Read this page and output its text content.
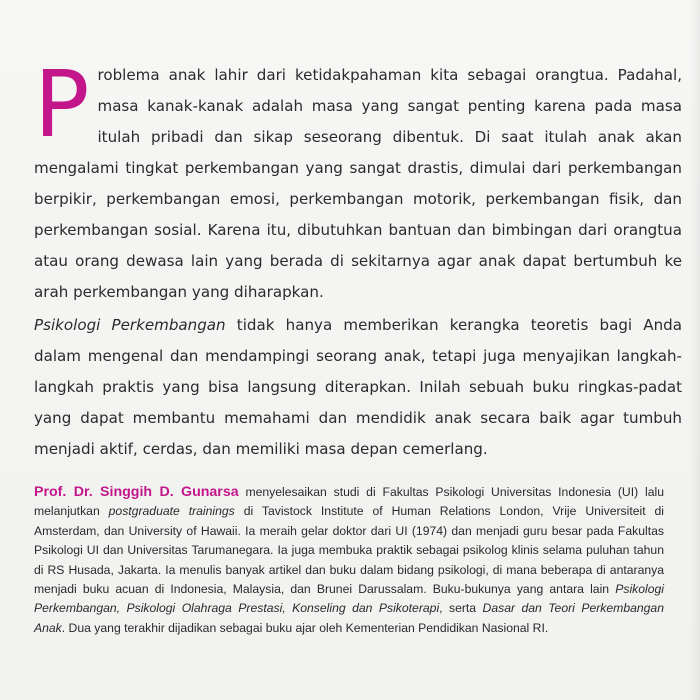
Problema anak lahir dari ketidakpahaman kita sebagai orangtua. Padahal, masa kanak-kanak adalah masa yang sangat penting karena pada masa itulah pribadi dan sikap seseorang dibentuk. Di saat itulah anak akan mengalami tingkat perkembangan yang sangat drastis, dimulai dari perkembangan berpikir, perkembangan emosi, perkembangan motorik, perkembangan fisik, dan perkembangan sosial. Karena itu, dibutuhkan bantuan dan bimbingan dari orangtua atau orang dewasa lain yang berada di sekitarnya agar anak dapat bertumbuh ke arah perkembangan yang diharapkan.

Psikologi Perkembangan tidak hanya memberikan kerangka teoretis bagi Anda dalam mengenal dan mendampingi seorang anak, tetapi juga menyajikan langkah-langkah praktis yang bisa langsung diterapkan. Inilah sebuah buku ringkas-padat yang dapat membantu memahami dan mendidik anak secara baik agar tumbuh menjadi aktif, cerdas, dan memiliki masa depan cemerlang.

Prof. Dr. Singgih D. Gunarsa menyelesaikan studi di Fakultas Psikologi Universitas Indonesia (UI) lalu melanjutkan postgraduate trainings di Tavistock Institute of Human Relations London, Vrije Universiteit di Amsterdam, dan University of Hawaii. Ia meraih gelar doktor dari UI (1974) dan menjadi guru besar pada Fakultas Psikologi UI dan Universitas Tarumanegara. Ia juga membuka praktik sebagai psikolog klinis selama puluhan tahun di RS Husada, Jakarta. Ia menulis banyak artikel dan buku dalam bidang psikologi, di mana beberapa di antaranya menjadi buku acuan di Indonesia, Malaysia, dan Brunei Darussalam. Buku-bukunya yang antara lain Psikologi Perkembangan, Psikologi Olahraga Prestasi, Konseling dan Psikoterapi, serta Dasar dan Teori Perkembangan Anak. Dua yang terakhir dijadikan sebagai buku ajar oleh Kementerian Pendidikan Nasional RI.
